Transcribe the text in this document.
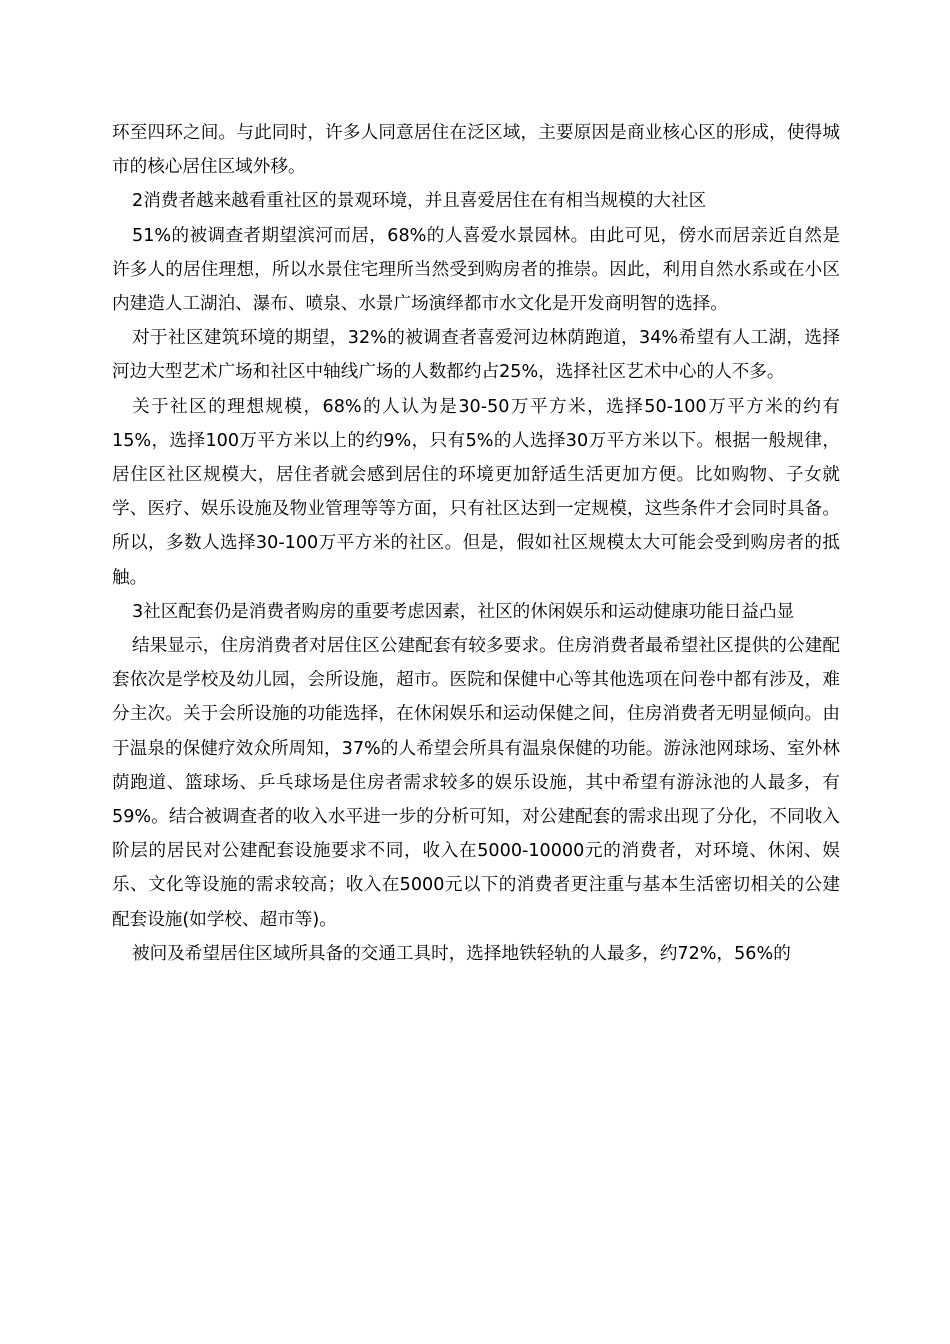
环至四环之间。与此同时，许多人同意居住在泛区域，主要原因是商业核心区的形成，使得城市的核心居住区域外移。

2消费者越来越看重社区的景观环境，并且喜爱居住在有相当规模的大社区

51%的被调查者期望滨河而居，68%的人喜爱水景园林。由此可见，傍水而居亲近自然是许多人的居住理想，所以水景住宅理所当然受到购房者的推崇。因此，利用自然水系或在小区内建造人工湖泊、瀑布、喷泉、水景广场演绎都市水文化是开发商明智的选择。

对于社区建筑环境的期望，32%的被调查者喜爱河边林荫跑道，34%希望有人工湖，选择河边大型艺术广场和社区中轴线广场的人数都约占25%，选择社区艺术中心的人不多。

关于社区的理想规模，68%的人认为是30-50万平方米，选择50-100万平方米的约有15%，选择100万平方米以上的约9%，只有5%的人选择30万平方米以下。根据一般规律，居住区社区规模大，居住者就会感到居住的环境更加舒适生活更加方便。比如购物、子女就学、医疗、娱乐设施及物业管理等等方面，只有社区达到一定规模，这些条件才会同时具备。所以，多数人选择30-100万平方米的社区。但是，假如社区规模太大可能会受到购房者的抵触。

3社区配套仍是消费者购房的重要考虑因素，社区的休闲娱乐和运动健康功能日益凸显

结果显示，住房消费者对居住区公建配套有较多要求。住房消费者最希望社区提供的公建配套依次是学校及幼儿园，会所设施，超市。医院和保健中心等其他选项在问卷中都有涉及，难分主次。关于会所设施的功能选择，在休闲娱乐和运动保健之间，住房消费者无明显倾向。由于温泉的保健疗效众所周知，37%的人希望会所具有温泉保健的功能。游泳池网球场、室外林荫跑道、篮球场、乒乓球场是住房者需求较多的娱乐设施，其中希望有游泳池的人最多，有59%。结合被调查者的收入水平进一步的分析可知，对公建配套的需求出现了分化，不同收入阶层的居民对公建配套设施要求不同，收入在5000-10000元的消费者，对环境、休闲、娱乐、文化等设施的需求较高；收入在5000元以下的消费者更注重与基本生活密切相关的公建配套设施(如学校、超市等)。

被问及希望居住区域所具备的交通工具时，选择地铁轻轨的人最多，约72%，56%的
